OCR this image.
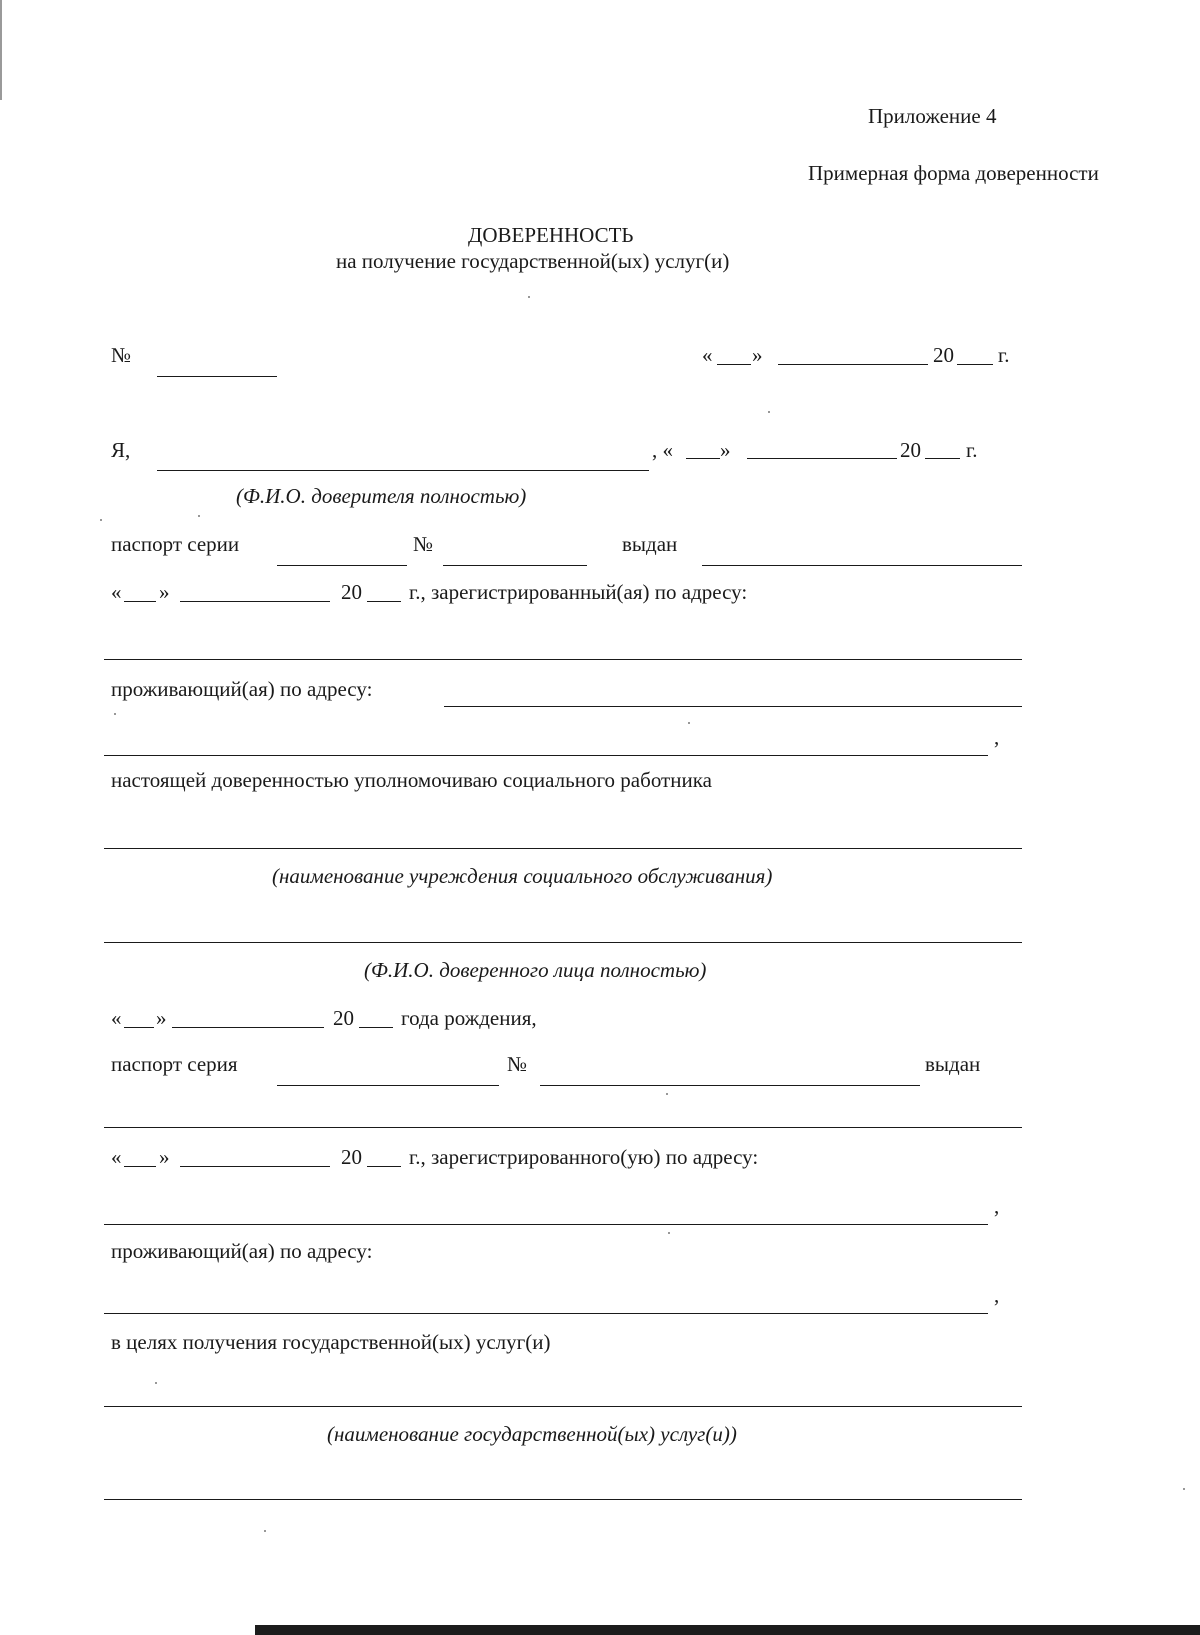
Приложение 4
Примерная форма доверенности
ДОВЕРЕННОСТЬ
на получение государственной(ых) услуг(и)
№	« »	20 г.
Я,	, « »	20 г.
(Ф.И.О. доверителя полностью)
паспорт серии	№	выдан
« »	20 г., зарегистрированный(ая) по адресу:
проживающий(ая) по адресу:
,
настоящей доверенностью уполномочиваю социального работника
(наименование учреждения социального обслуживания)
(Ф.И.О. доверенного лица полностью)
« »	20 года рождения,
паспорт серия	№	выдан
« »	20 г., зарегистрированного(ую) по адресу:
,
проживающий(ая) по адресу:
,
в целях получения государственной(ых) услуг(и)
(наименование государственной(ых) услуг(и))
